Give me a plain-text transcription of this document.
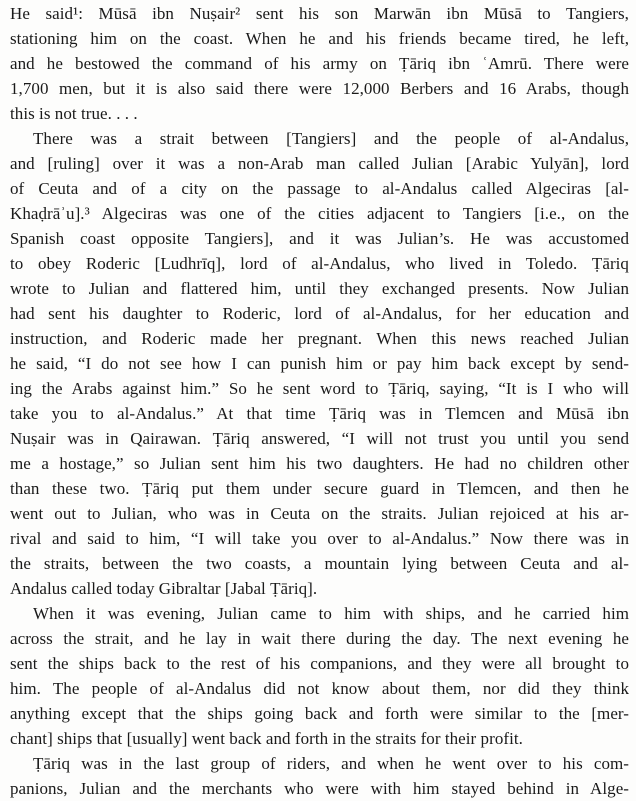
He said¹: Mūsā ibn Nuṣair² sent his son Marwān ibn Mūsā to Tangiers,
stationing him on the coast. When he and his friends became tired, he left,
and he bestowed the command of his army on Ṭāriq ibn ʿAmrū. There were
1,700 men, but it is also said there were 12,000 Berbers and 16 Arabs, though
this is not true. . . .
There was a strait between [Tangiers] and the people of al-Andalus,
and [ruling] over it was a non-Arab man called Julian [Arabic Yulyān], lord
of Ceuta and of a city on the passage to al-Andalus called Algeciras [al-
Khaḍrāʾu].³ Algeciras was one of the cities adjacent to Tangiers [i.e., on the
Spanish coast opposite Tangiers], and it was Julian’s. He was accustomed
to obey Roderic [Ludhrīq], lord of al-Andalus, who lived in Toledo. Ṭāriq
wrote to Julian and flattered him, until they exchanged presents. Now Julian
had sent his daughter to Roderic, lord of al-Andalus, for her education and
instruction, and Roderic made her pregnant. When this news reached Julian
he said, “I do not see how I can punish him or pay him back except by send-
ing the Arabs against him.” So he sent word to Ṭāriq, saying, “It is I who will
take you to al-Andalus.” At that time Ṭāriq was in Tlemcen and Mūsā ibn
Nuṣair was in Qairawan. Ṭāriq answered, “I will not trust you until you send
me a hostage,” so Julian sent him his two daughters. He had no children other
than these two. Ṭāriq put them under secure guard in Tlemcen, and then he
went out to Julian, who was in Ceuta on the straits. Julian rejoiced at his ar-
rival and said to him, “I will take you over to al-Andalus.” Now there was in
the straits, between the two coasts, a mountain lying between Ceuta and al-
Andalus called today Gibraltar [Jabal Ṭāriq].
When it was evening, Julian came to him with ships, and he carried him
across the strait, and he lay in wait there during the day. The next evening he
sent the ships back to the rest of his companions, and they were all brought to
him. The people of al-Andalus did not know about them, nor did they think
anything except that the ships going back and forth were similar to the [mer-
chant] ships that [usually] went back and forth in the straits for their profit.
Ṭāriq was in the last group of riders, and when he went over to his com-
panions, Julian and the merchants who were with him stayed behind in Alge-
